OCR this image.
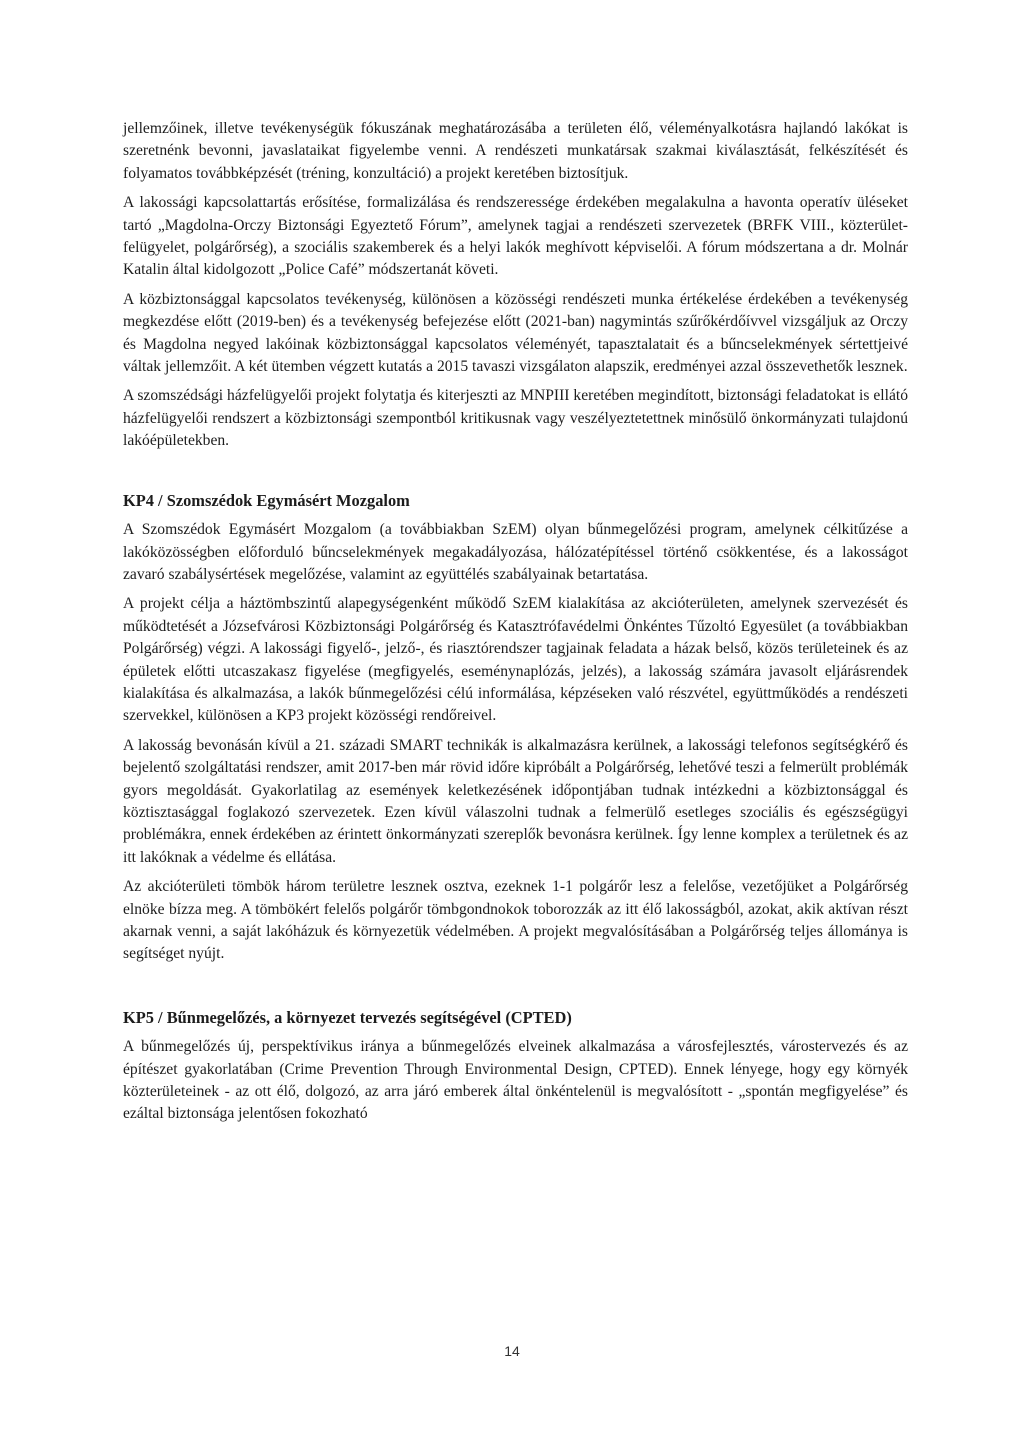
jellemzőinek, illetve tevékenységük fókuszának meghatározásába a területen élő, véleményalkotásra hajlandó lakókat is szeretnénk bevonni, javaslataikat figyelembe venni. A rendészeti munkatársak szakmai kiválasztását, felkészítését és folyamatos továbbképzését (tréning, konzultáció) a projekt keretében biztosítjuk.

A lakossági kapcsolattartás erősítése, formalizálása és rendszeressége érdekében megalakulna a havonta operatív üléseket tartó „Magdolna-Orczy Biztonsági Egyeztető Fórum”, amelynek tagjai a rendészeti szervezetek (BRFK VIII., közterület-felügyelet, polgárőrség), a szociális szakemberek és a helyi lakók meghívott képviselői. A fórum módszertana a dr. Molnár Katalin által kidolgozott „Police Café” módszertanát követi.

A közbiztonsággal kapcsolatos tevékenység, különösen a közösségi rendészeti munka értékelése érdekében a tevékenység megkezdése előtt (2019-ben) és a tevékenység befejezése előtt (2021-ban) nagymintás szűrőkérdőívvel vizsgáljuk az Orczy és Magdolna negyed lakóinak közbiztonsággal kapcsolatos véleményét, tapasztalatait és a bűncselekmények sértettjeivé váltak jellemzőit. A két ütemben végzett kutatás a 2015 tavaszi vizsgálaton alapszik, eredményei azzal összevethetők lesznek.

A szomszédsági házfelügyelői projekt folytatja és kiterjeszti az MNPIII keretében megindított, biztonsági feladatokat is ellátó házfelügyelői rendszert a közbiztonsági szempontból kritikusnak vagy veszélyeztetettnek minősülő önkormányzati tulajdonú lakóépületekben.

KP4 / Szomszédok Egymásért Mozgalom

A Szomszédok Egymásért Mozgalom (a továbbiakban SzEM) olyan bűnmegelőzési program, amelynek célkitűzése a lakóközösségben előforduló bűncselekmények megakadályozása, hálózatépítéssel történő csökkentése, és a lakosságot zavaró szabálysértések megelőzése, valamint az együttélés szabályainak betartatása.

A projekt célja a háztömbszintű alapegységenként működő SzEM kialakítása az akcióterületen, amelynek szervezését és működtetését a Józsefvárosi Közbiztonsági Polgárőrség és Katasztrófavédelmi Önkéntes Tűzoltó Egyesület (a továbbiakban Polgárőrség) végzi. A lakossági figyelő-, jelző-, és riasztórendszer tagjainak feladata a házak belső, közös területeinek és az épületek előtti utcaszakasz figyelése (megfigyelés, eseménynaplózás, jelzés), a lakosság számára javasolt eljárásrendek kialakítása és alkalmazása, a lakók bűnmegelőzési célú informálása, képzéseken való részvétel, együttműködés a rendészeti szervekkel, különösen a KP3 projekt közösségi rendőreivel.

A lakosság bevonásán kívül a 21. századi SMART technikák is alkalmazásra kerülnek, a lakossági telefonos segítségkérő és bejelentő szolgáltatási rendszer, amit 2017-ben már rövid időre kipróbált a Polgárőrség, lehetővé teszi a felmerült problémák gyors megoldását. Gyakorlatilag az események keletkezésének időpontjában tudnak intézkedni a közbiztonsággal és köztisztasággal foglakozó szervezetek. Ezen kívül válaszolni tudnak a felmerülő esetleges szociális és egészségügyi problémákra, ennek érdekében az érintett önkormányzati szereplők bevonásra kerülnek. Így lenne komplex a területnek és az itt lakóknak a védelme és ellátása.

Az akcióterületi tömbök három területre lesznek osztva, ezeknek 1-1 polgárőr lesz a felelőse, vezetőjüket a Polgárőrség elnöke bízza meg. A tömbökért felelős polgárőr tömbgondnokok toborozzák az itt élő lakosságból, azokat, akik aktívan részt akarnak venni, a saját lakóházuk és környezetük védelmében. A projekt megvalósításában a Polgárőrség teljes állománya is segítséget nyújt.

KP5 / Bűnmegelőzés, a környezet tervezés segítségével (CPTED)

A bűnmegelőzés új, perspektívikus iránya a bűnmegelőzés elveinek alkalmazása a városfejlesztés, várostervezés és az építészet gyakorlatában (Crime Prevention Through Environmental Design, CPTED). Ennek lényege, hogy egy környék közterületeinek - az ott élő, dolgozó, az arra járó emberek által önkéntelenül is megvalósított - „spontán megfigyelése” és ezáltal biztonsága jelentősen fokozható

14
